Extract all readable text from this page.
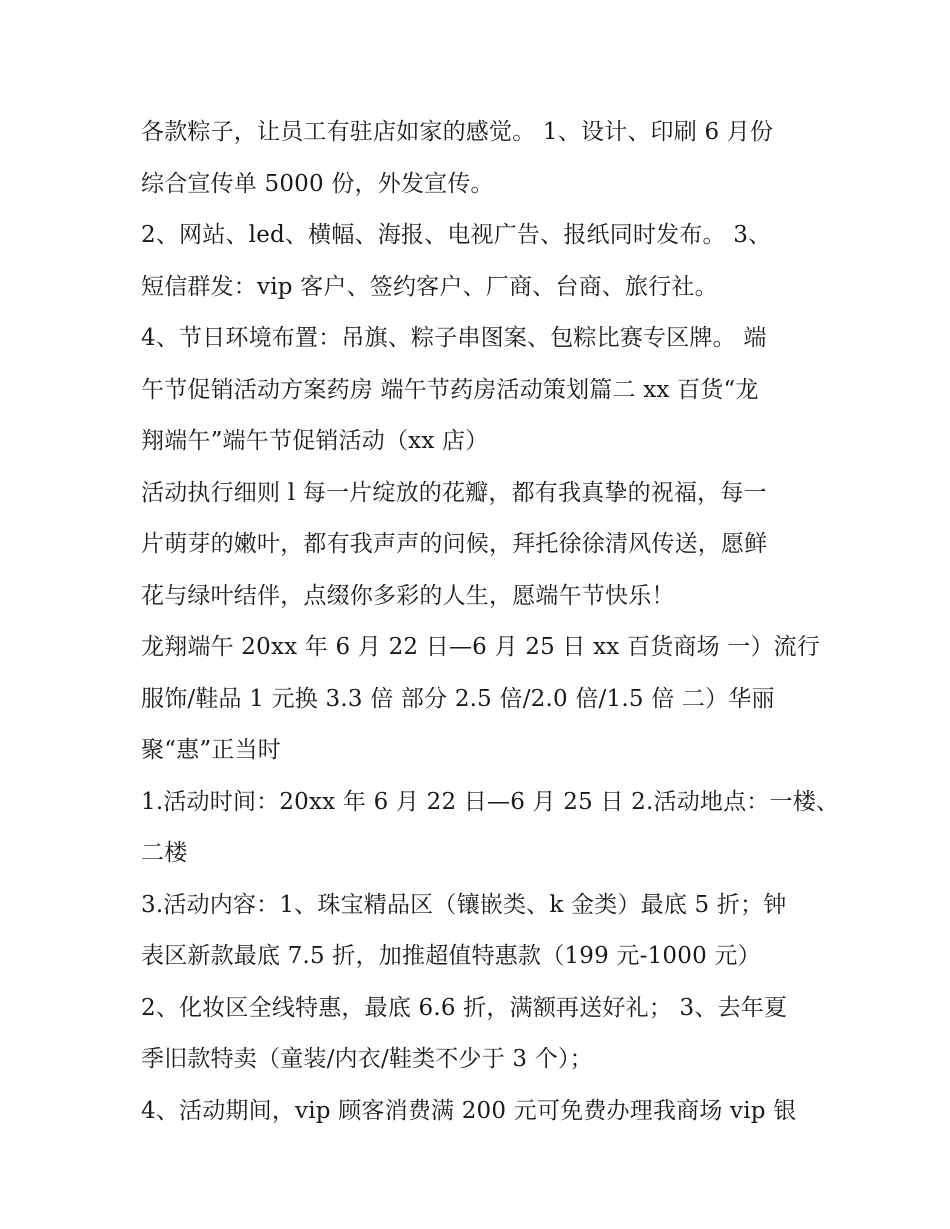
各款粽子，让员工有驻店如家的感觉。 1、设计、印刷 6 月份
综合宣传单 5000 份，外发宣传。
2、网站、led、横幅、海报、电视广告、报纸同时发布。 3、
短信群发：vip 客户、签约客户、厂商、台商、旅行社。
4、节日环境布置：吊旗、粽子串图案、包粽比赛专区牌。 端
午节促销活动方案药房 端午节药房活动策划篇二 xx 百货“龙
翔端午”端午节促销活动（xx 店）
活动执行细则 l 每一片绽放的花瓣，都有我真挚的祝福，每一
片萌芽的嫩叶，都有我声声的问候，拜托徐徐清风传送，愿鲜
花与绿叶结伴，点缀你多彩的人生，愿端午节快乐！
龙翔端午 20xx 年 6 月 22 日—6 月 25 日 xx 百货商场 一）流行
服饰/鞋品 1 元换 3.3 倍 部分 2.5 倍/2.0 倍/1.5 倍 二）华丽
聚“惠”正当时
1.活动时间：20xx 年 6 月 22 日—6 月 25 日 2.活动地点：一楼、
二楼
3.活动内容：1、珠宝精品区（镶嵌类、k 金类）最底 5 折；钟
表区新款最底 7.5 折，加推超值特惠款（199 元-1000 元）
2、化妆区全线特惠，最底 6.6 折，满额再送好礼； 3、去年夏
季旧款特卖（童装/内衣/鞋类不少于 3 个）；
4、活动期间，vip 顾客消费满 200 元可免费办理我商场 vip 银
